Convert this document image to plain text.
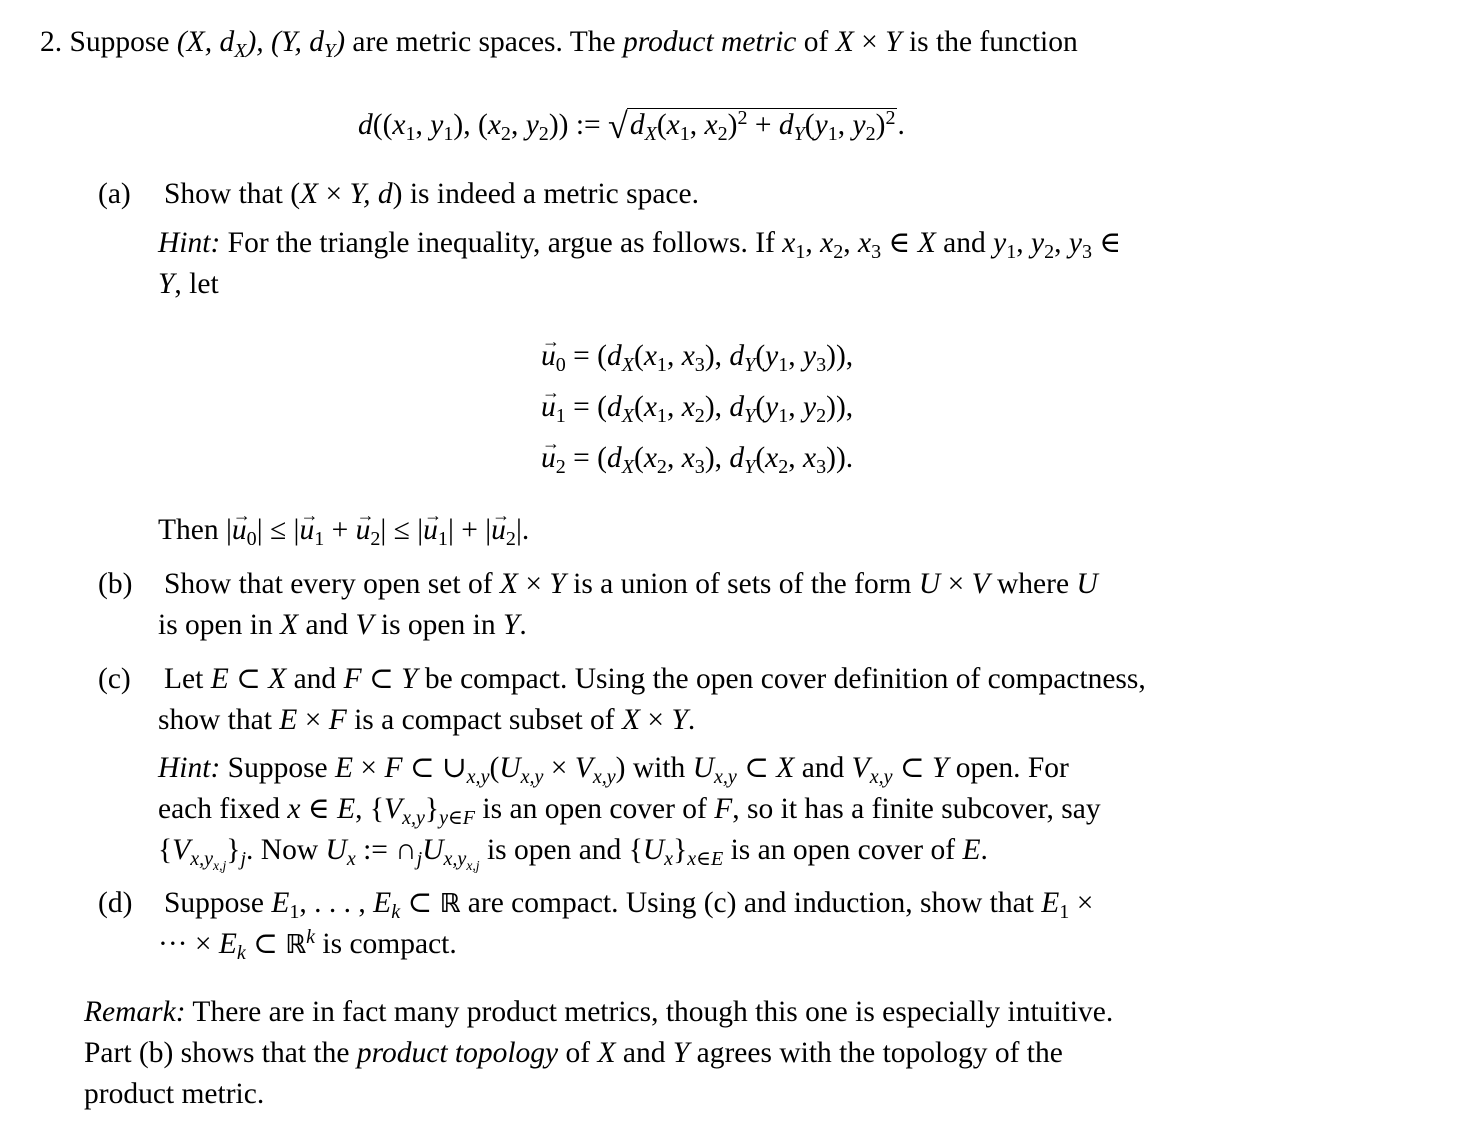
2. Suppose (X, $d_X$), (Y, $d_Y$) are metric spaces. The product metric of X × Y is the function
$d((x_1$, $y_1$), ($x_2$, $y_2$)) := $√d_X(x_1$, $x_2)^2 + d_Y(y_1$, $y_2)^2$.
(a) Show that (X × Y, d) is indeed a metric space.
Hint: For the triangle inequality, argue as follows. If $x_1$, $x_2$, $x_3$ ∈ X and $y_1$, $y_2$, $y_3$ ∈
Y, let
→ $u_0 = (d_X(x_1$, $x_3$), $d_Y(y_1$, $y_3$)),
→ $u_1 = (d_X(x_1$, $x_2$), $d_Y(y_1$, $y_2$)),
→ $u_2 = (d_X(x_2$, $x_3$), $d_Y(x_2$, $x_3$)).
Then |→ $u_0|$ ≤ |→ $u_1$ + → $u_2|$ ≤ |→ $u_1|$ + |→ $u_2|$.
(b) Show that every open set of X × Y is a union of sets of the form U × V where U
is open in X and V is open in Y.
(c) Let E ⊂ X and F ⊂ Y be compact. Using the open cover definition of compactness,
show that E × F is a compact subset of X × Y.
Hint: Suppose E × F ⊂ $\cup_{x,y}(U_{x,y} \times V_{x,y})$ with $U_{x,y}$ ⊂ X and $V_{x,y}$ ⊂ Y open. For
each fixed x ∈ E, $\{V_{x,y}\}_{y\in F}$ is an open cover of F, so it has a finite subcover, say
$\{V_{x,y_{x,j}}\}_j$. Now $U_x$ := $\cap_jU_{x,y_{x,j}}$ is open and $\{U_x\}_{x\in E}$ is an open cover of E.
(d) Suppose $E_1$, . . . , $E_k$ ⊂ ℝ are compact. Using (c) and induction, show that $E_1$ ×
··· × $E_k$ ⊂ ℝ$^k$ is compact.
Remark: There are in fact many product metrics, though this one is especially intuitive.
Part (b) shows that the product topology of X and Y agrees with the topology of the
product metric.
